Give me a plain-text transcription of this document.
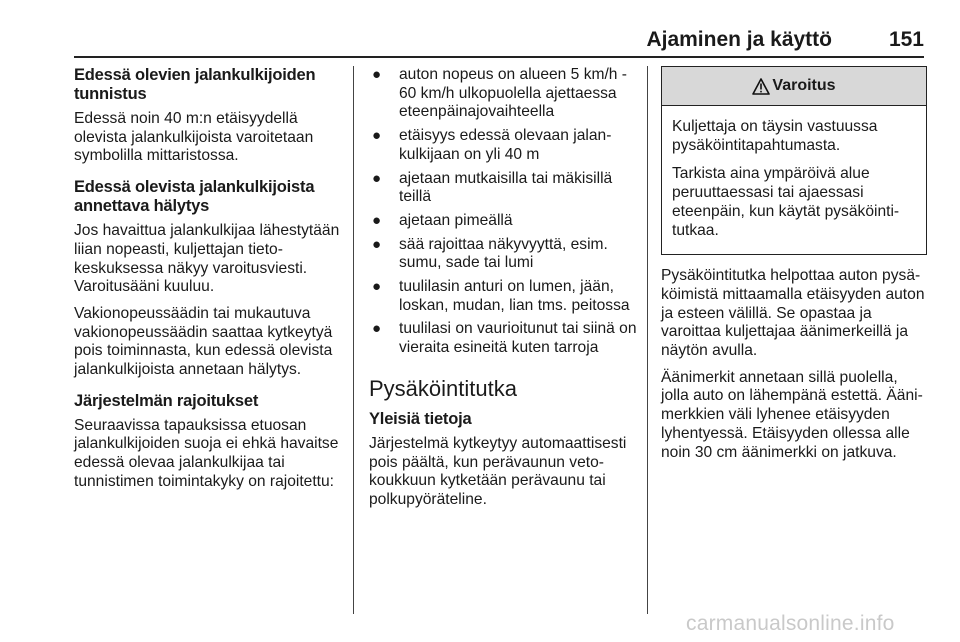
Ajaminen ja käyttö	151
Edessä olevien jalankulkijoiden tunnistus

Edessä noin 40 m:n etäisyydellä olevista jalankulkijoista varoitetaan symbolilla mittaristossa.

Edessä olevista jalankulkijoista annettava hälytys

Jos havaittua jalankulkijaa lähestytään liian nopeasti, kuljettajan tietokeskuksessa näkyy varoitusviesti. Varoitusääni kuuluu.

Vakionopeussäädin tai mukautuva vakionopeussäädin saattaa kytkeytyä pois toiminnasta, kun edessä olevista jalankulkijoista annetaan hälytys.

Järjestelmän rajoitukset

Seuraavissa tapauksissa etuosan jalankulkijoiden suoja ei ehkä havaitse edessä olevaa jalankulkijaa tai tunnistimen toimintakyky on rajoitettu:

● auton nopeus on alueen 5 km/h - 60 km/h ulkopuolella ajettaessa eteenpäinajovaihteella
● etäisyys edessä olevaan jalankulkijaan on yli 40 m
● ajetaan mutkaisilla tai mäkisillä teillä
● ajetaan pimeällä
● sää rajoittaa näkyvyyttä, esim. sumu, sade tai lumi
● tuulilasin anturi on lumen, jään, loskan, mudan, lian tms. peitossa
● tuulilasi on vaurioitunut tai siinä on vieraita esineitä kuten tarroja
Pysäköintitutka
Yleisiä tietoja

Järjestelmä kytkeytyy automaattisesti pois päältä, kun perävaunun vetokoukkuun kytketään perävaunu tai polkupyöräteline.

Varoitus

Kuljettaja on täysin vastuussa pysäköintitapahtumasta.

Tarkista aina ympäröivä alue peruuttaessasi tai ajaessasi eteenpäin, kun käytät pysäköintitutkaa.

Pysäköintitutka helpottaa auton pysäköimistä mittaamalla etäisyyden auton ja esteen välillä. Se opastaa ja varoittaa kuljettajaa äänimerkeillä ja näytön avulla.

Äänimerkit annetaan sillä puolella, jolla auto on lähempänä estettä. Äänimerkkien väli lyhenee etäisyyden lyhentyessä. Etäisyyden ollessa alle noin 30 cm äänimerkki on jatkuva.

carmanualsonline.info
